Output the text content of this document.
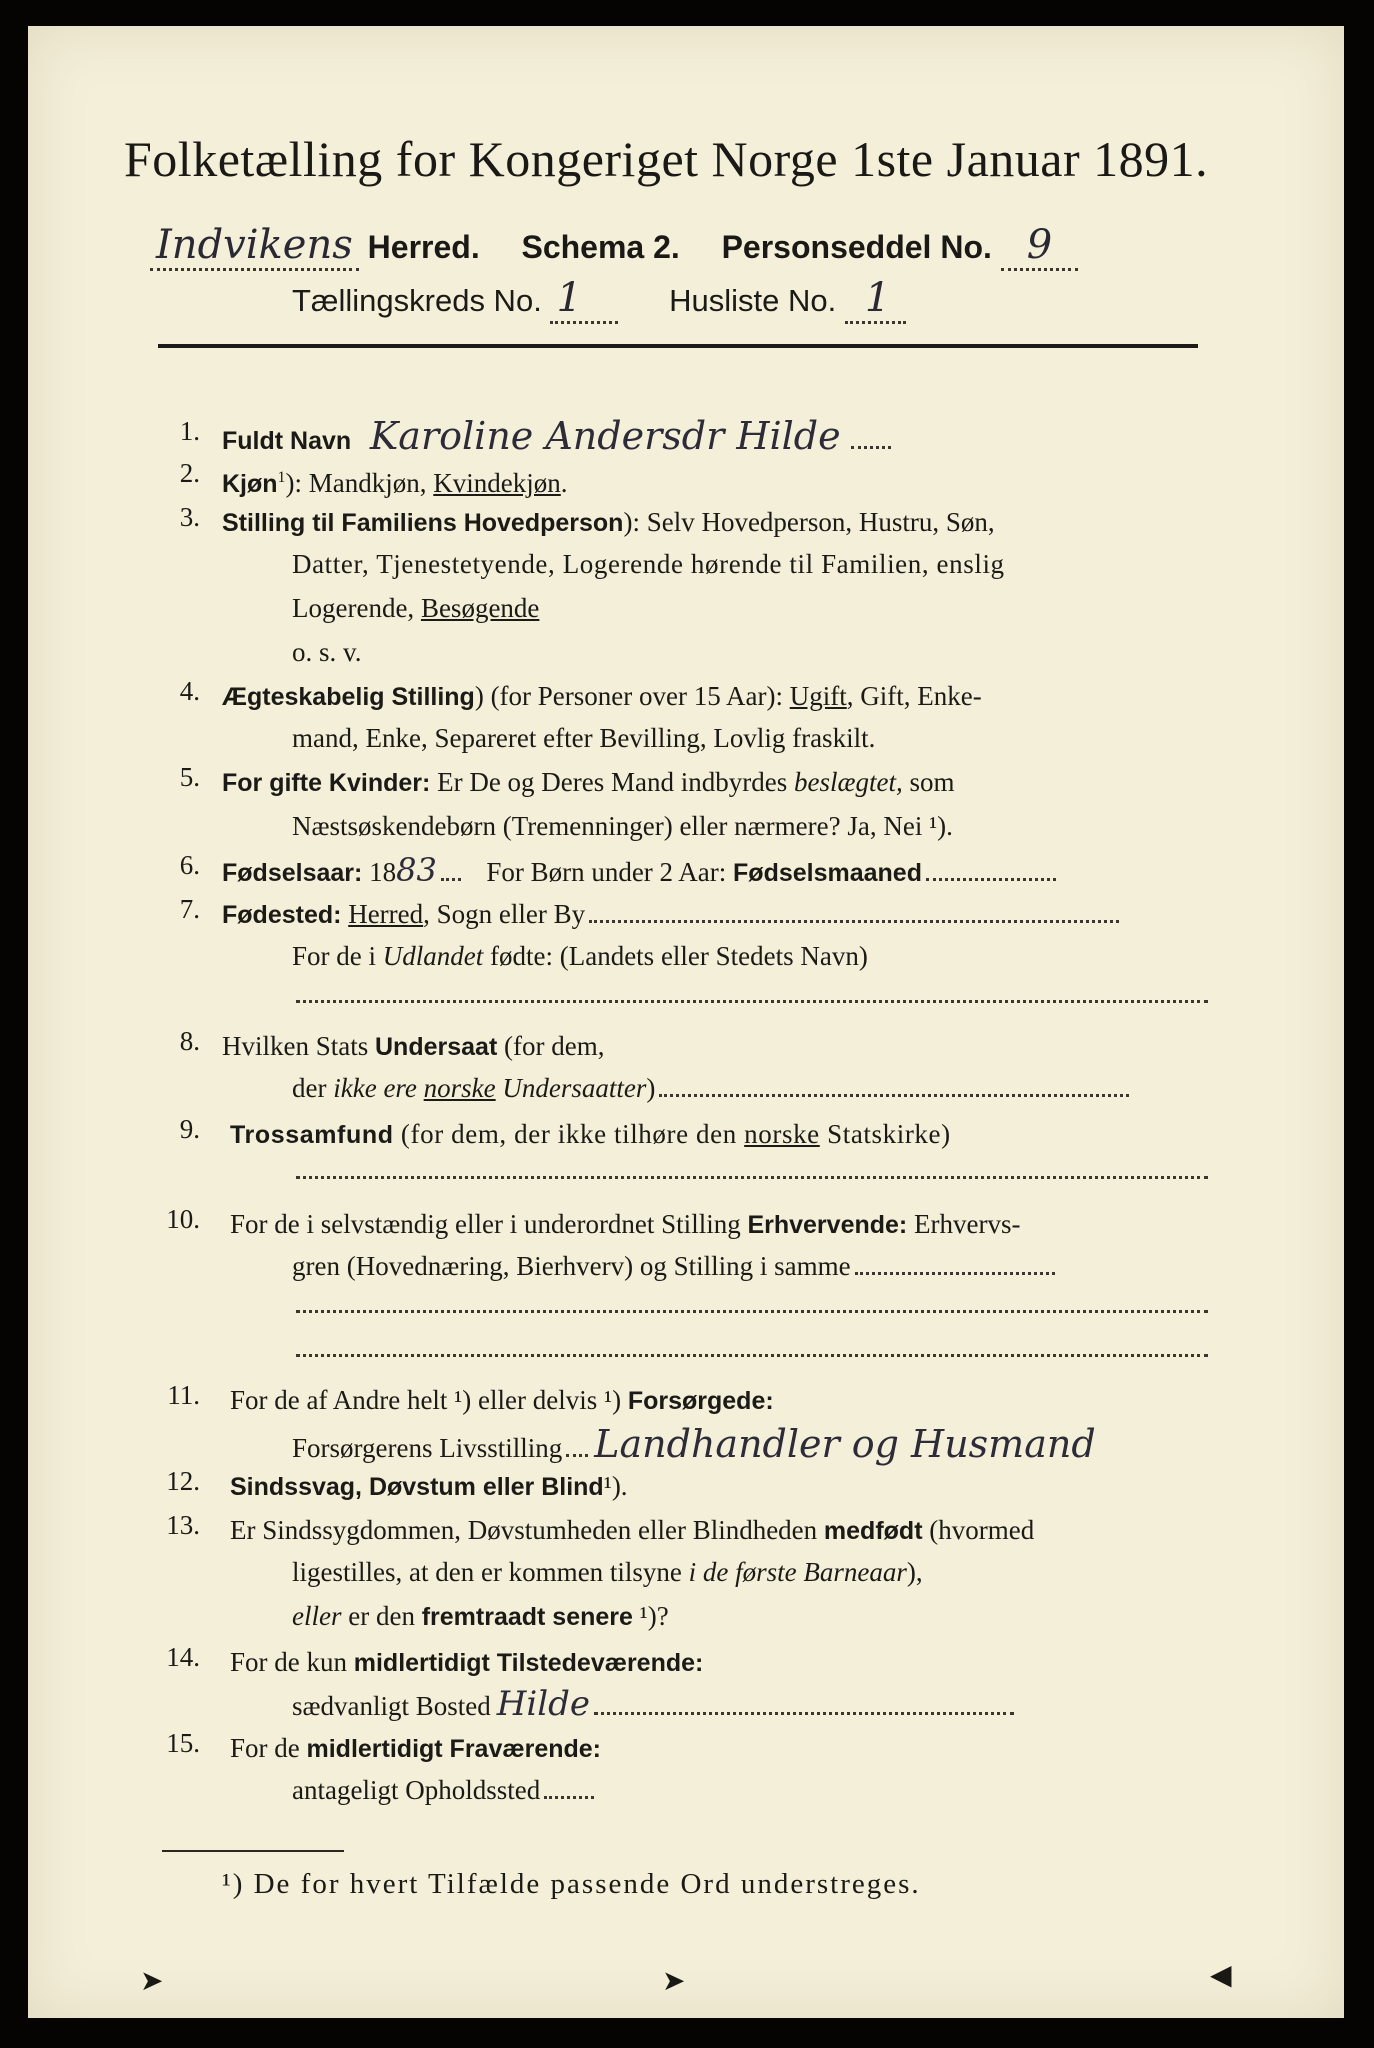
Folketælling for Kongeriget Norge 1ste Januar 1891.
Indvikens Herred. Schema 2. Personseddel No. 9
Tællingskreds No. 1	Husliste No. 1
1. Fuldt Navn Karoline Andersdr Hilde
2. Kjøn$^1$): Mandkjøn, Kvindekjøn.
3. Stilling til Familiens Hovedperson): Selv Hovedperson, Hustru, Søn,
Datter, Tjenestetyende, Logerende hørende til Familien, enslig
Logerende, Besøgende
o. s. v.
4. Ægteskabelig Stilling) (for Personer over 15 Aar): Ugift, Gift, Enke-
mand, Enke, Separeret efter Bevilling, Lovlig fraskilt.
5. For gifte Kvinder: Er De og Deres Mand indbyrdes beslægtet, som
Næstsøskendebørn (Tremenninger) eller nærmere? Ja, Nei ¹).
6. Fødselsaar: 1883 For Børn under 2 Aar: Fødselsmaaned
7. Fødested: Herred, Sogn eller By
For de i Udlandet fødte: (Landets eller Stedets Navn)
8. Hvilken Stats Undersaat (for dem,
der ikke ere norske Undersaatter)
9. Trossamfund (for dem, der ikke tilhøre den norske Statskirke)
10. For de i selvstændig eller i underordnet Stilling Erhvervende: Erhvervs-
gren (Hovednæring, Bierhverv) og Stilling i samme
11. For de af Andre helt ¹) eller delvis ¹) Forsørgede:
Forsørgerens Livsstilling Landhandler og Husmand
12. Sindssvag, Døvstum eller Blind¹).
13. Er Sindssygdommen, Døvstumheden eller Blindheden medfødt (hvormed
ligestilles, at den er kommen tilsyne i de første Barneaar),
eller er den fremtraadt senere ¹)?
14. For de kun midlertidigt Tilstedeværende:
sædvanligt Bosted Hilde
15. For de midlertidigt Fraværende:
antageligt Opholdssted
¹) De for hvert Tilfælde passende Ord understreges.
➤	➤	◀
